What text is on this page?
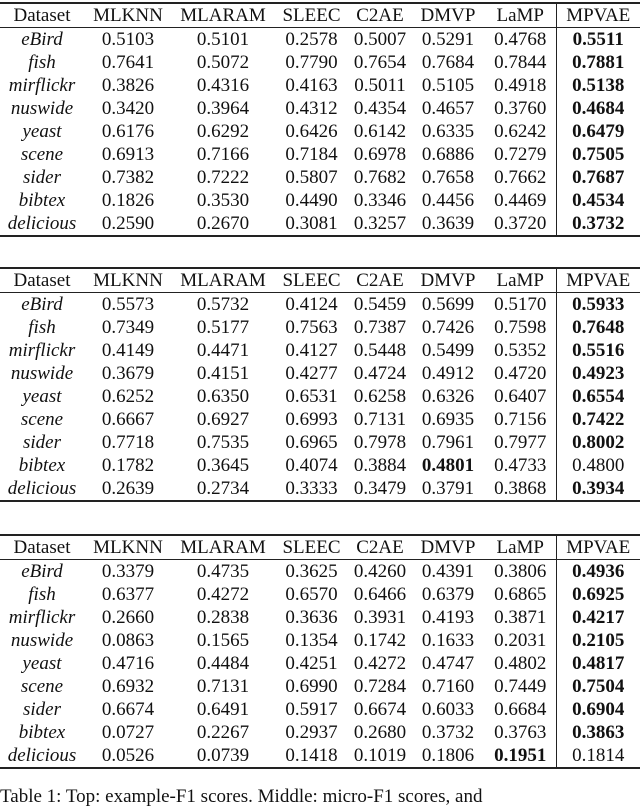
Dataset	MLKNN	MLARAM	SLEEC	C2AE	DMVP	LaMP	MPVAE
eBird	0.5103	0.5101	0.2578	0.5007	0.5291	0.4768	0.5511
fish	0.7641	0.5072	0.7790	0.7654	0.7684	0.7844	0.7881
mirflickr	0.3826	0.4316	0.4163	0.5011	0.5105	0.4918	0.5138
nuswide	0.3420	0.3964	0.4312	0.4354	0.4657	0.3760	0.4684
yeast	0.6176	0.6292	0.6426	0.6142	0.6335	0.6242	0.6479
scene	0.6913	0.7166	0.7184	0.6978	0.6886	0.7279	0.7505
sider	0.7382	0.7222	0.5807	0.7682	0.7658	0.7662	0.7687
bibtex	0.1826	0.3530	0.4490	0.3346	0.4456	0.4469	0.4534
delicious	0.2590	0.2670	0.3081	0.3257	0.3639	0.3720	0.3732
Dataset	MLKNN	MLARAM	SLEEC	C2AE	DMVP	LaMP	MPVAE
eBird	0.5573	0.5732	0.4124	0.5459	0.5699	0.5170	0.5933
fish	0.7349	0.5177	0.7563	0.7387	0.7426	0.7598	0.7648
mirflickr	0.4149	0.4471	0.4127	0.5448	0.5499	0.5352	0.5516
nuswide	0.3679	0.4151	0.4277	0.4724	0.4912	0.4720	0.4923
yeast	0.6252	0.6350	0.6531	0.6258	0.6326	0.6407	0.6554
scene	0.6667	0.6927	0.6993	0.7131	0.6935	0.7156	0.7422
sider	0.7718	0.7535	0.6965	0.7978	0.7961	0.7977	0.8002
bibtex	0.1782	0.3645	0.4074	0.3884	0.4801	0.4733	0.4800
delicious	0.2639	0.2734	0.3333	0.3479	0.3791	0.3868	0.3934
Dataset	MLKNN	MLARAM	SLEEC	C2AE	DMVP	LaMP	MPVAE
eBird	0.3379	0.4735	0.3625	0.4260	0.4391	0.3806	0.4936
fish	0.6377	0.4272	0.6570	0.6466	0.6379	0.6865	0.6925
mirflickr	0.2660	0.2838	0.3636	0.3931	0.4193	0.3871	0.4217
nuswide	0.0863	0.1565	0.1354	0.1742	0.1633	0.2031	0.2105
yeast	0.4716	0.4484	0.4251	0.4272	0.4747	0.4802	0.4817
scene	0.6932	0.7131	0.6990	0.7284	0.7160	0.7449	0.7504
sider	0.6674	0.6491	0.5917	0.6674	0.6033	0.6684	0.6904
bibtex	0.0727	0.2267	0.2937	0.2680	0.3732	0.3763	0.3863
delicious	0.0526	0.0739	0.1418	0.1019	0.1806	0.1951	0.1814
Table 1: Top: example-F1 scores. Middle: micro-F1 scores, and
